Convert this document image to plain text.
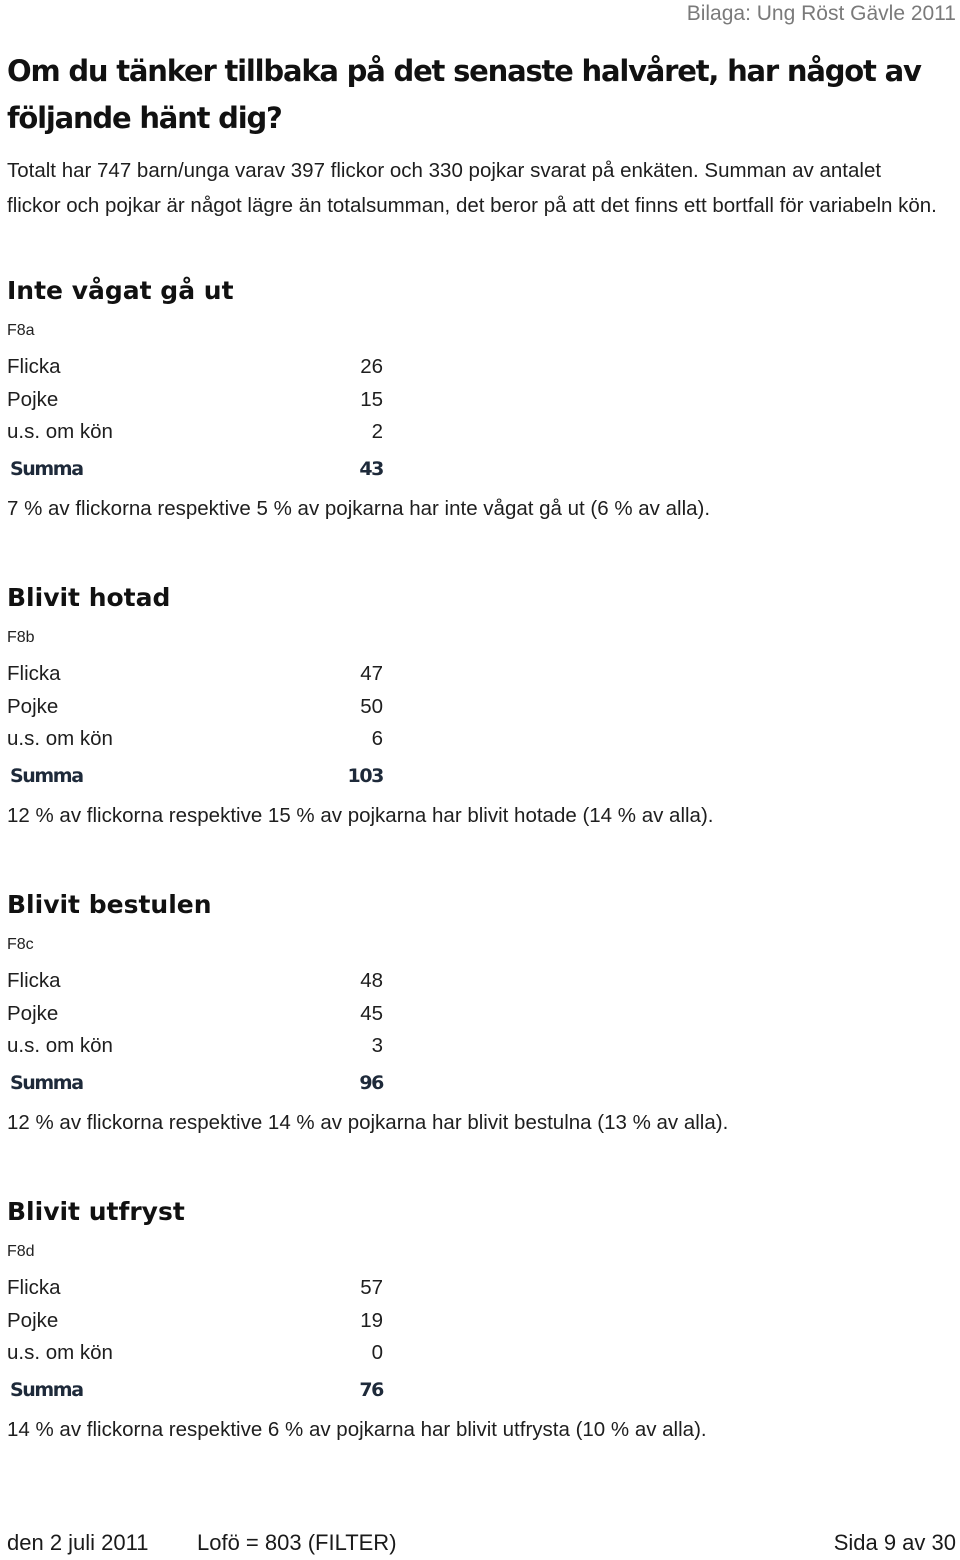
Bilaga: Ung Röst Gävle 2011
Om du tänker tillbaka på det senaste halvåret, har något av följande hänt dig?

Totalt har 747 barn/unga varav 397 flickor och 330 pojkar svarat på enkäten. Summan av antalet flickor och pojkar är något lägre än totalsumman, det beror på att det finns ett bortfall för variabeln kön.

Inte vågat gå ut
F8a
Flicka	26
Pojke	15
u.s. om kön	2
Summa	43

7 % av flickorna respektive 5 % av pojkarna har inte vågat gå ut (6 % av alla).

Blivit hotad
F8b
Flicka	47
Pojke	50
u.s. om kön	6
Summa	103

12 % av flickorna respektive 15 % av pojkarna har blivit hotade (14 % av alla).

Blivit bestulen
F8c
Flicka	48
Pojke	45
u.s. om kön	3
Summa	96

12 % av flickorna respektive 14 % av pojkarna har blivit bestulna (13 % av alla).

Blivit utfryst
F8d
Flicka	57
Pojke	19
u.s. om kön	0
Summa	76

14 % av flickorna respektive 6 % av pojkarna har blivit utfrysta (10 % av alla).

den 2 juli 2011 Lofö = 803 (FILTER)	Sida 9 av 30
